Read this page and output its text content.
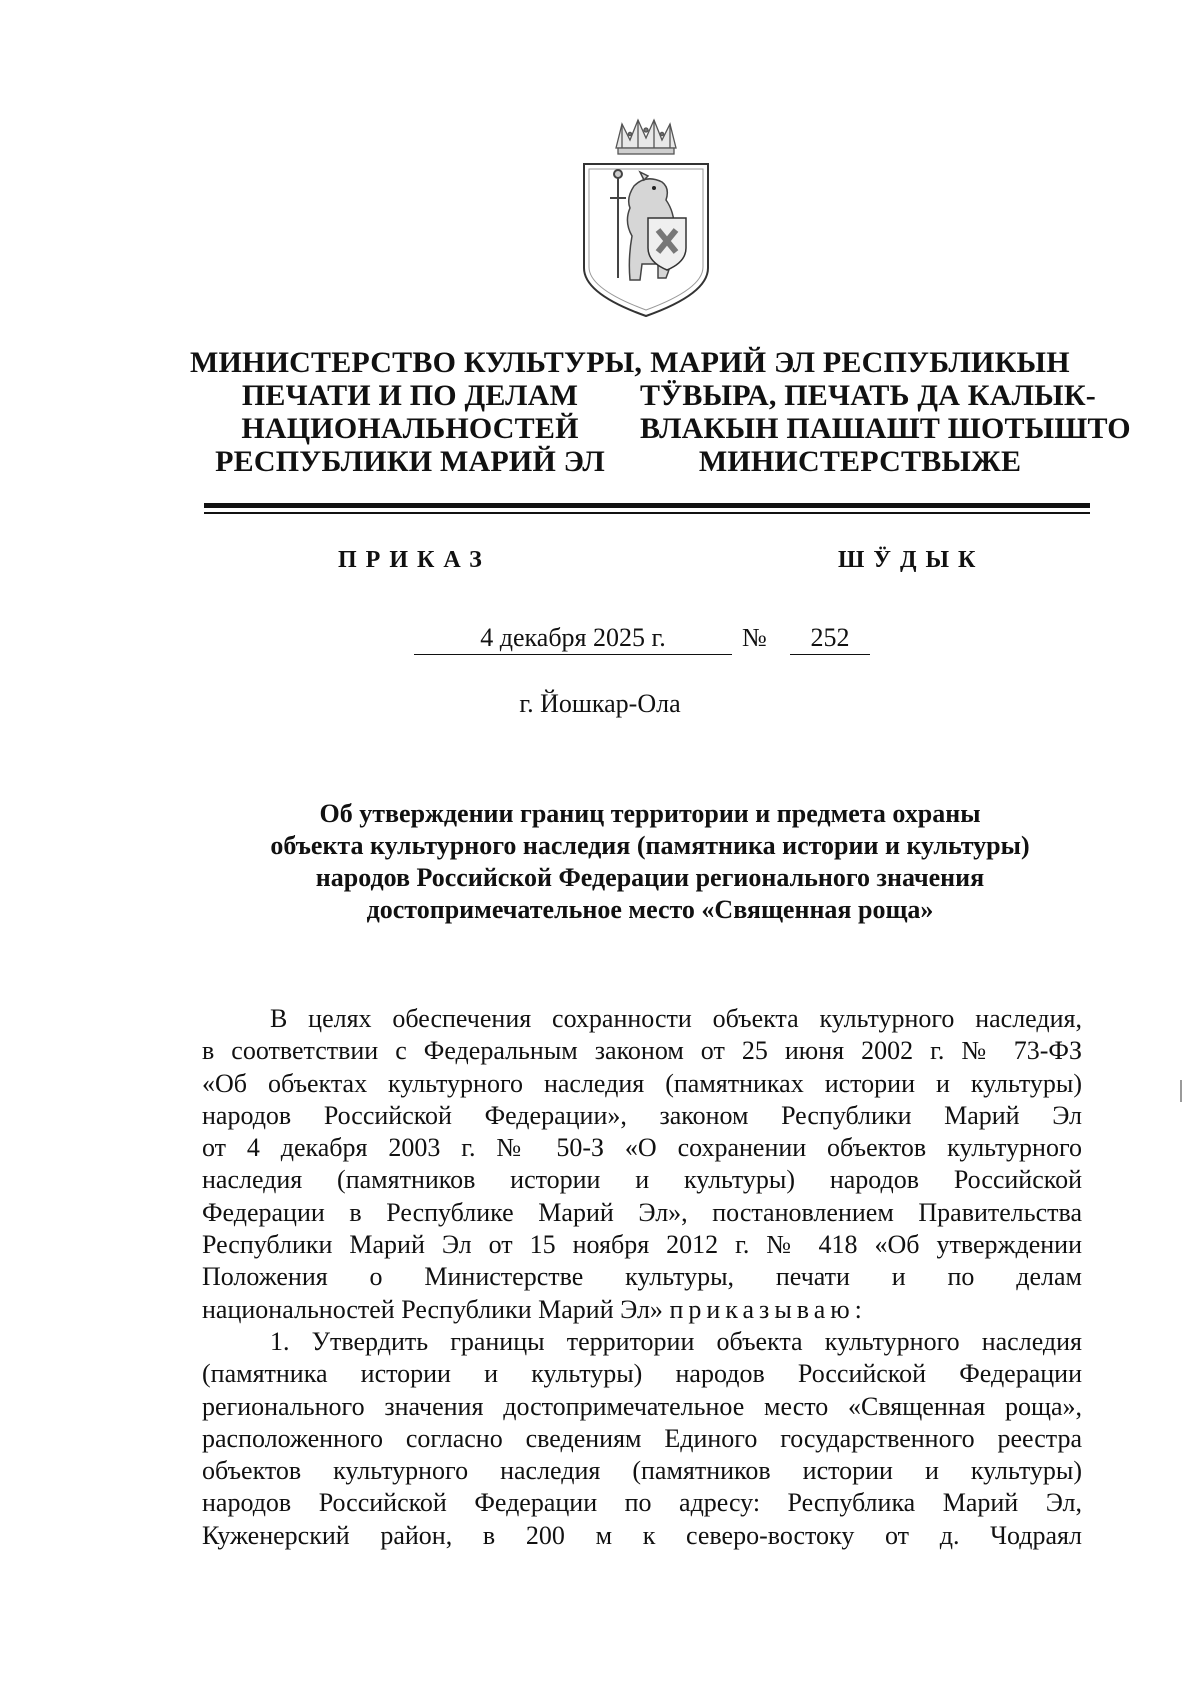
МИНИСТЕРСТВО КУЛЬТУРЫ,
ПЕЧАТИ И ПО ДЕЛАМ
НАЦИОНАЛЬНОСТЕЙ
РЕСПУБЛИКИ МАРИЙ ЭЛ
МАРИЙ ЭЛ РЕСПУБЛИКЫН
ТӰВЫРА, ПЕЧАТЬ ДА КАЛЫК-
ВЛАКЫН ПАШАШТ ШОТЫШТО
МИНИСТЕРСТВЫЖЕ
ПРИКАЗ	ШӰДЫК
4 декабря 2025 г.	№	252
г. Йошкар-Ола
Об утверждении границ территории и предмета охраны
объекта культурного наследия (памятника истории и культуры)
народов Российской Федерации регионального значения
достопримечательное место «Священная роща»
В целях обеспечения сохранности объекта культурного наследия,
в соответствии с Федеральным законом от 25 июня 2002 г. № 73-ФЗ
«Об объектах культурного наследия (памятниках истории и культуры)
народов Российской Федерации», законом Республики Марий Эл
от 4 декабря 2003 г. № 50-З «О сохранении объектов культурного
наследия (памятников истории и культуры) народов Российской
Федерации в Республике Марий Эл», постановлением Правительства
Республики Марий Эл от 15 ноября 2012 г. № 418 «Об утверждении
Положения о Министерстве культуры, печати и по делам
национальностей Республики Марий Эл» приказываю:
1. Утвердить границы территории объекта культурного наследия
(памятника истории и культуры) народов Российской Федерации
регионального значения достопримечательное место «Священная роща»,
расположенного согласно сведениям Единого государственного реестра
объектов культурного наследия (памятников истории и культуры)
народов Российской Федерации по адресу: Республика Марий Эл,
Куженерский район, в 200 м к северо-востоку от д. Чодраял
